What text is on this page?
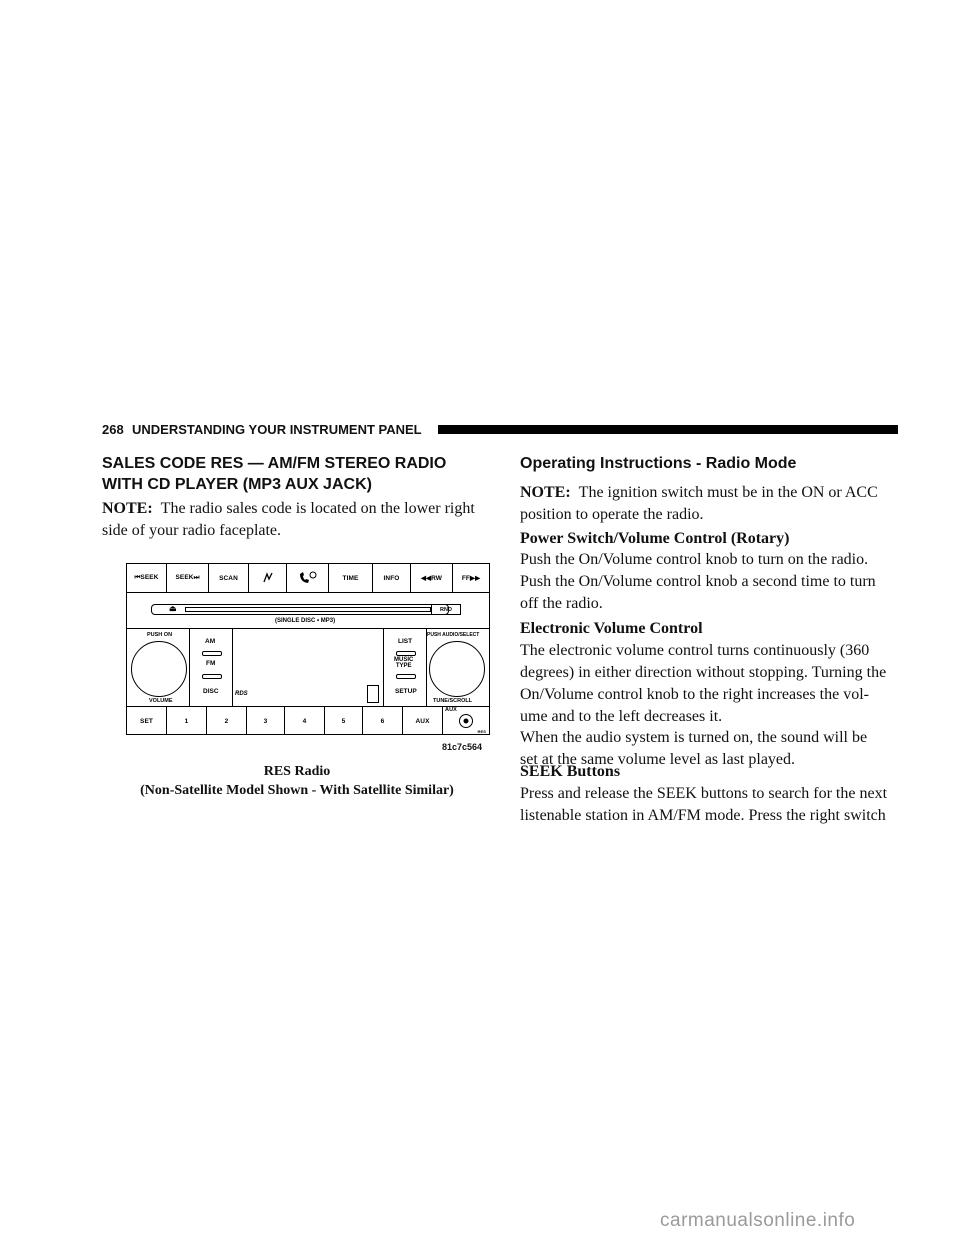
268 UNDERSTANDING YOUR INSTRUMENT PANEL
SALES CODE RES — AM/FM STEREO RADIO
WITH CD PLAYER (MP3 AUX JACK)
NOTE: The radio sales code is located on the lower right
side of your radio faceplate.
⏮SEEK	SEEK⏭	SCAN	TIME	INFO	◀◀RW	FF▶▶
⏏	RND
(SINGLE DISC • MP3)
PUSH ON
VOLUME
AM
FM
DISC	RDS
LIST
MUSIC
TYPE
SETUP
PUSH AUDIO/SELECT
TUNE/SCROLL
SET	1	2	3	4	5	6	AUX
AUX
RES
81c7c564
RES Radio
(Non-Satellite Model Shown - With Satellite Similar)
Operating Instructions - Radio Mode
NOTE: The ignition switch must be in the ON or ACC
position to operate the radio.
Power Switch/Volume Control (Rotary)
Push the On/Volume control knob to turn on the radio.
Push the On/Volume control knob a second time to turn
off the radio.
Electronic Volume Control
The electronic volume control turns continuously (360
degrees) in either direction without stopping. Turning the
On/Volume control knob to the right increases the vol-
ume and to the left decreases it.
When the audio system is turned on, the sound will be
set at the same volume level as last played.
SEEK Buttons
Press and release the SEEK buttons to search for the next
listenable station in AM/FM mode. Press the right switch
carmanualsonline.info
